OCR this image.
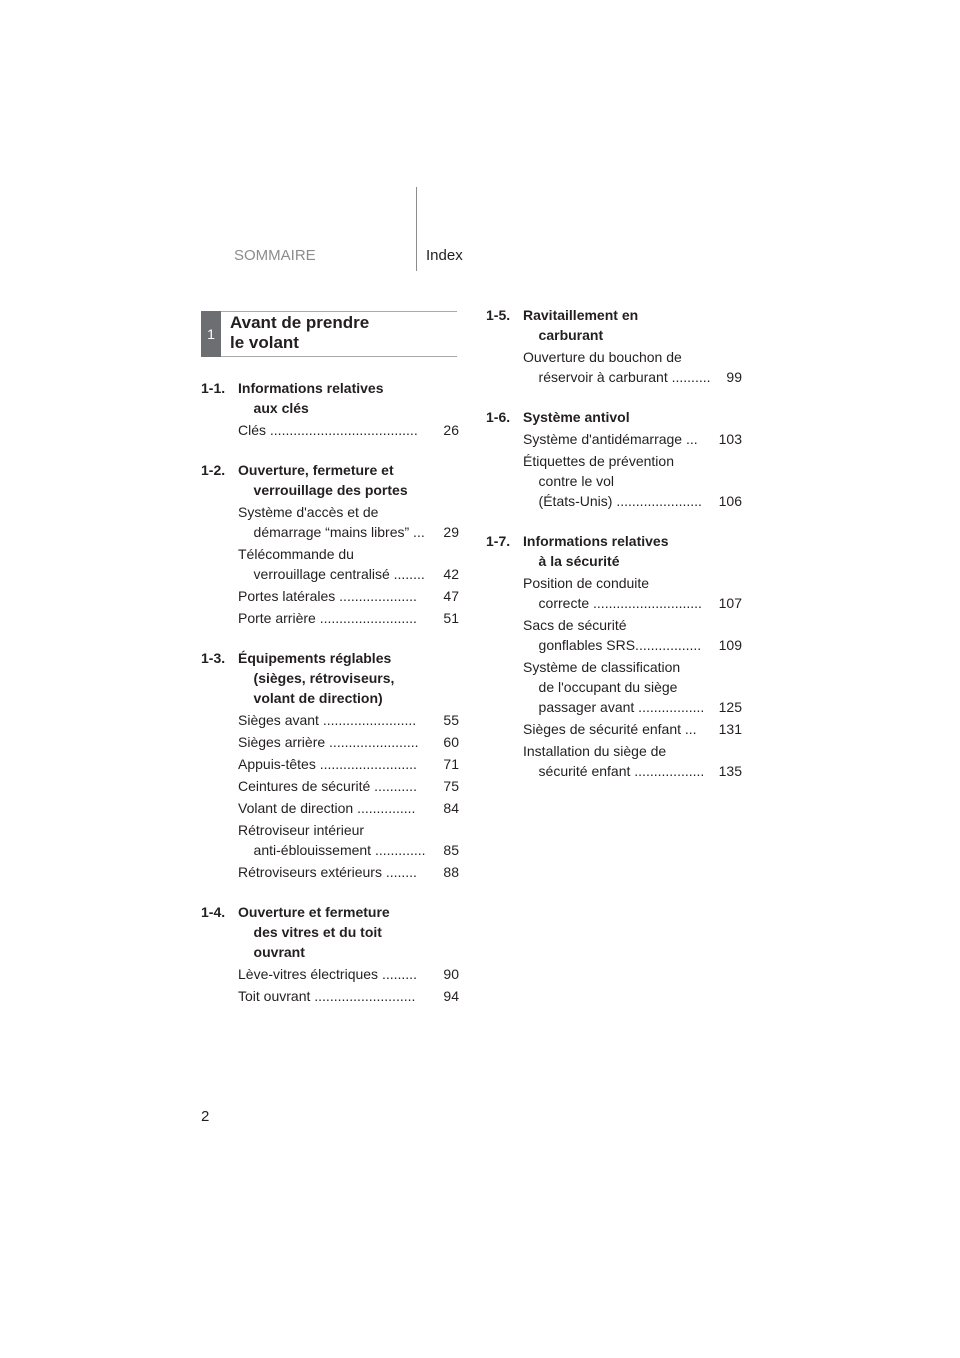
SOMMAIRE	Index
1
Avant de prendre
le volant
1-1. Informations relatives
aux clés
Clés ...................................... 26
1-2. Ouverture, fermeture et
verrouillage des portes
Système d'accès et de
démarrage “mains libres” ... 29
Télécommande du
verrouillage centralisé ........ 42
Portes latérales .................... 47
Porte arrière ......................... 51
1-3. Équipements réglables
(sièges, rétroviseurs,
volant de direction)
Sièges avant ........................ 55
Sièges arrière ....................... 60
Appuis-têtes ......................... 71
Ceintures de sécurité ........... 75
Volant de direction ............... 84
Rétroviseur intérieur
anti-éblouissement ............. 85
Rétroviseurs extérieurs ........ 88
1-4. Ouverture et fermeture
des vitres et du toit
ouvrant
Lève-vitres électriques ......... 90
Toit ouvrant .......................... 94
1-5. Ravitaillement en
carburant
Ouverture du bouchon de
réservoir à carburant .......... 99
1-6. Système antivol
Système d'antidémarrage ... 103
Étiquettes de prévention
contre le vol
(États-Unis) ...................... 106
1-7. Informations relatives
à la sécurité
Position de conduite
correcte ............................ 107
Sacs de sécurité
gonflables SRS................. 109
Système de classification
de l'occupant du siège
passager avant ................. 125
Sièges de sécurité enfant ... 131
Installation du siège de
sécurité enfant .................. 135
2
